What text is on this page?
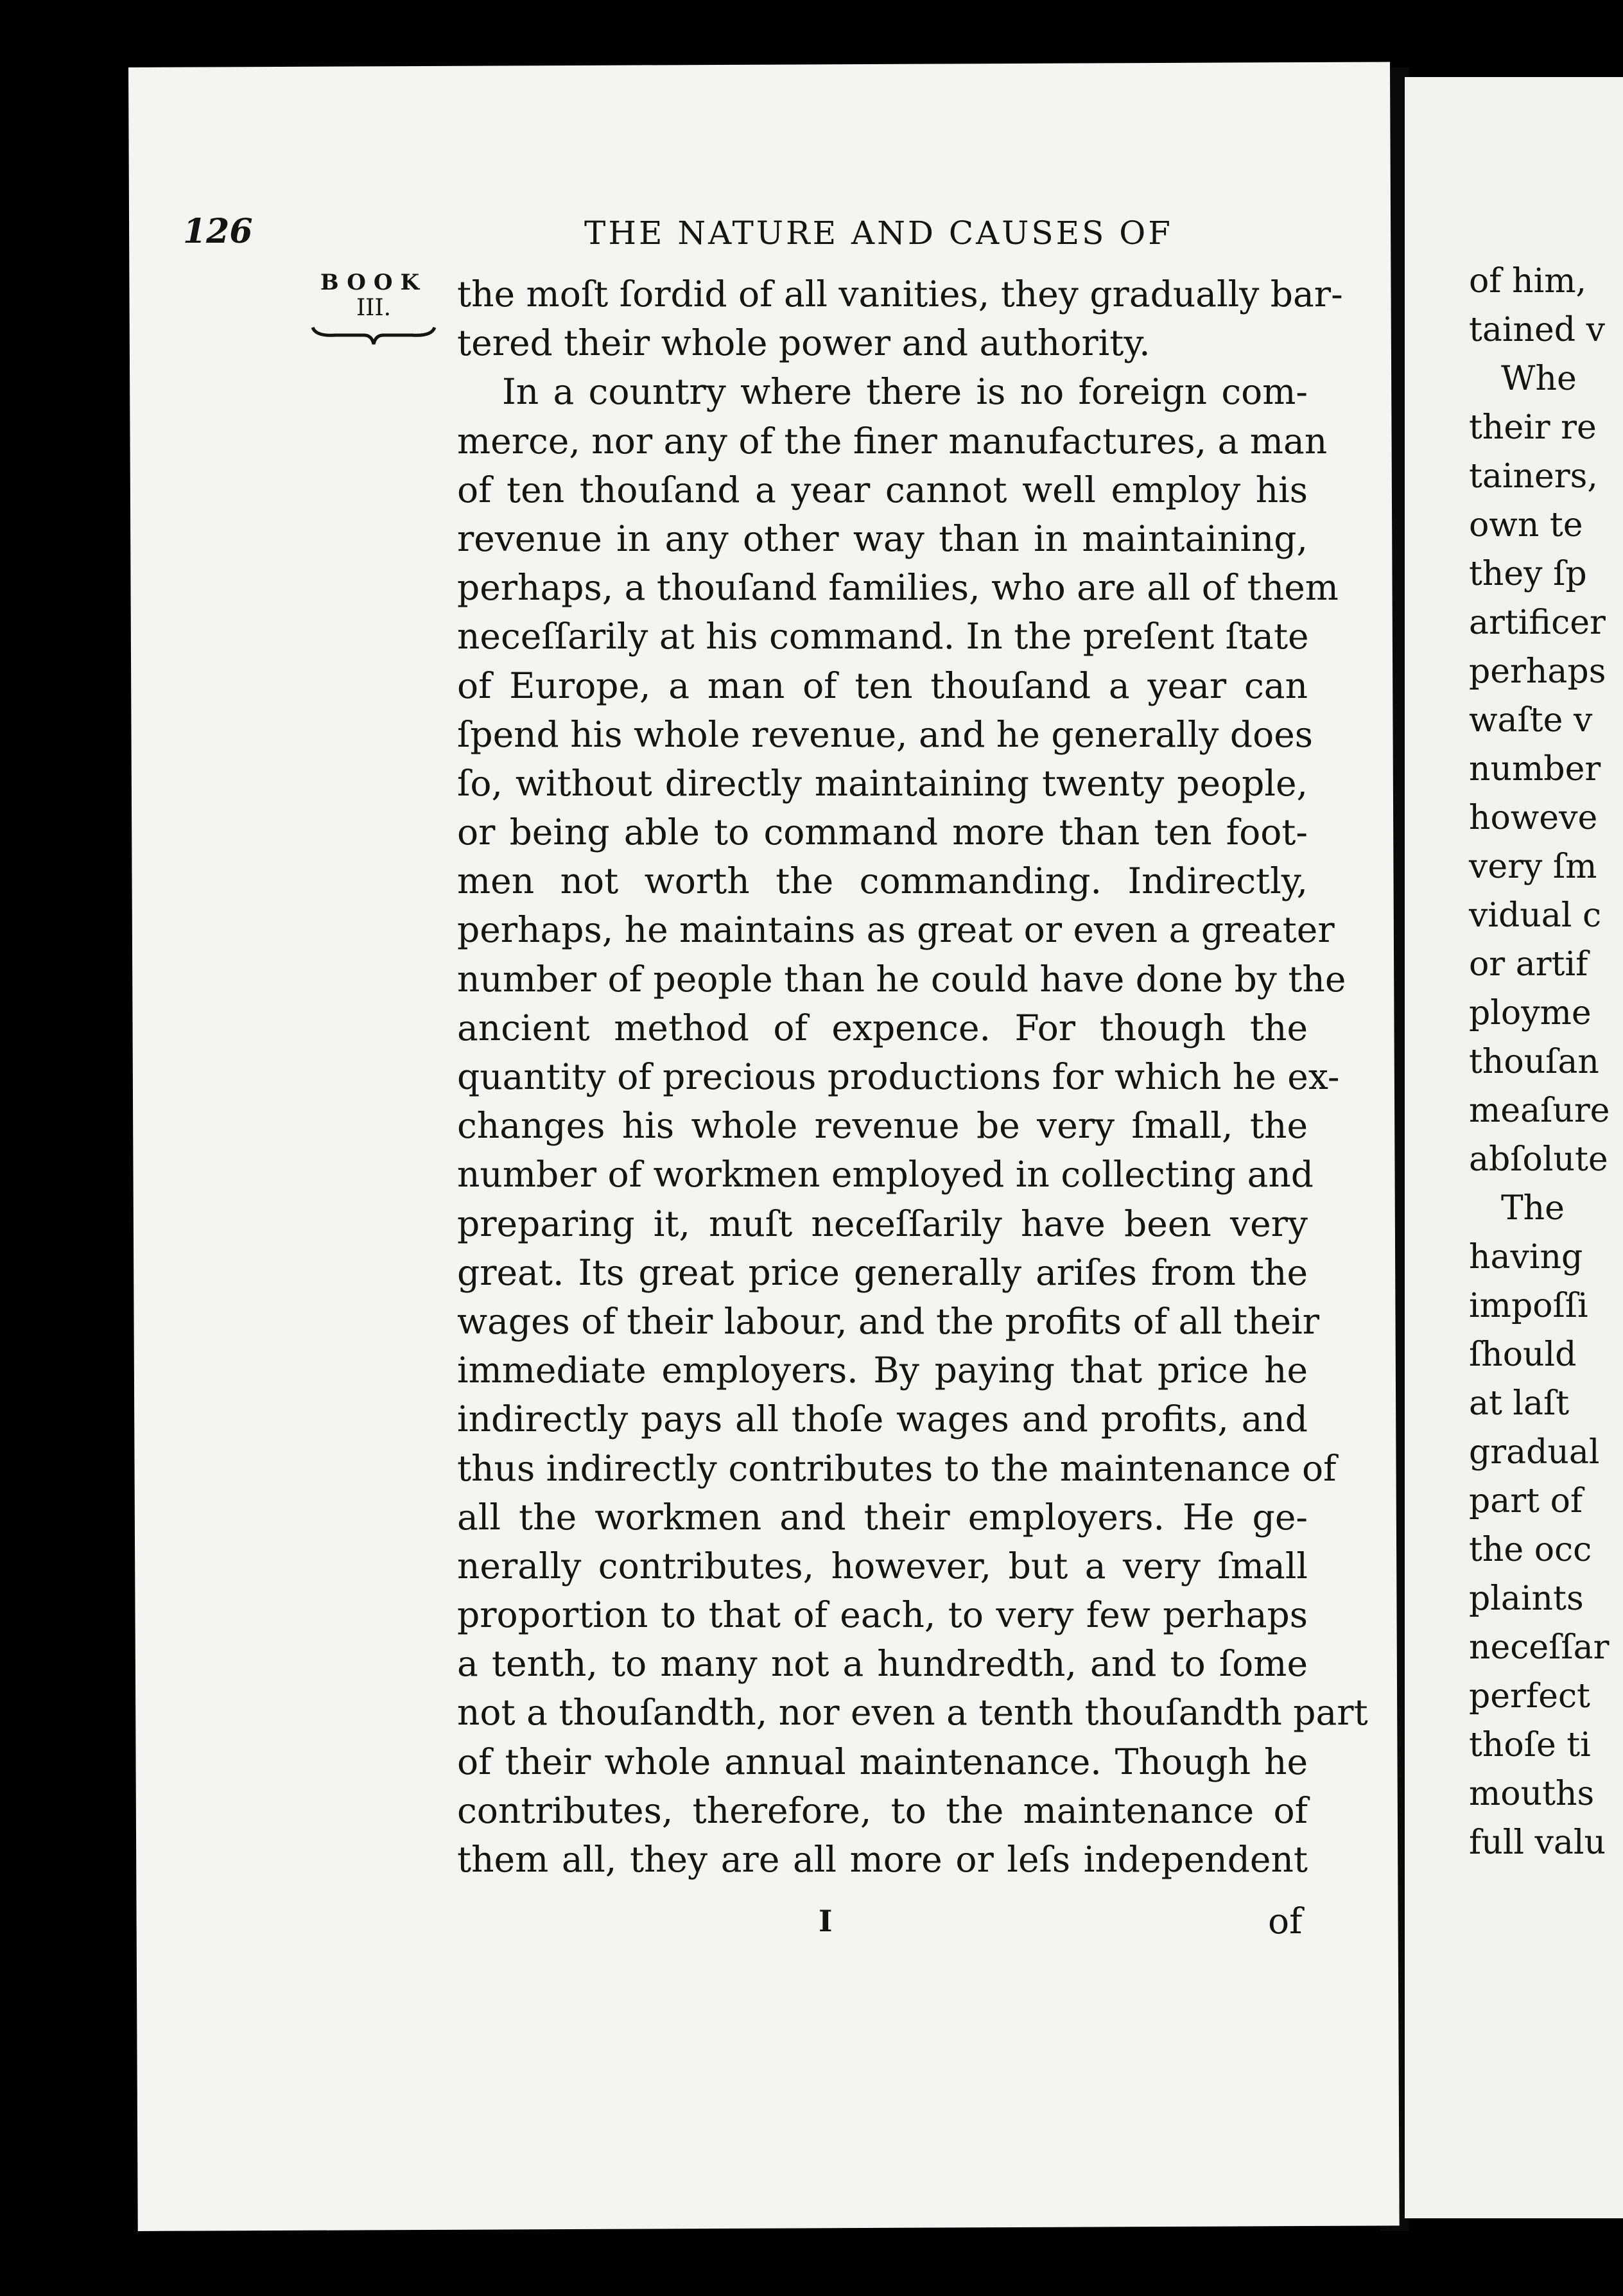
126	THE NATURE AND CAUSES OF
BOOK
III.	the moſt ſordid of all vanities, they gradually bar-
tered their whole power and authority.
In a country where there is no foreign com-
merce, nor any of the finer manufactures, a man
of ten thouſand a year cannot well employ his
revenue in any other way than in maintaining,
perhaps, a thouſand families, who are all of them
neceſſarily at his command. In the preſent ſtate
of Europe, a man of ten thouſand a year can
ſpend his whole revenue, and he generally does
ſo, without directly maintaining twenty people,
or being able to command more than ten foot-
men not worth the commanding. Indirectly,
perhaps, he maintains as great or even a greater
number of people than he could have done by the
ancient method of expence. For though the
quantity of precious productions for which he ex-
changes his whole revenue be very ſmall, the
number of workmen employed in collecting and
preparing it, muſt neceſſarily have been very
great. Its great price generally ariſes from the
wages of their labour, and the profits of all their
immediate employers. By paying that price he
indirectly pays all thoſe wages and profits, and
thus indirectly contributes to the maintenance of
all the workmen and their employers. He ge-
nerally contributes, however, but a very ſmall
proportion to that of each, to very few perhaps
a tenth, to many not a hundredth, and to ſome
not a thouſandth, nor even a tenth thouſandth part
of their whole annual maintenance. Though he
contributes, therefore, to the maintenance of
them all, they are all more or leſs independent
I	of
of him,
tained v
Whe
their re
tainers,
own te
they ſp
artificer
perhaps
waſte v
number
howeve
very ſm
vidual c
or artif
ployme
thouſan
meaſure
abſolute
The
having
impoſſi
ſhould
at laſt
gradual
part of
the occ
plaints
neceſſar
perfect
thoſe ti
mouths
full valu
